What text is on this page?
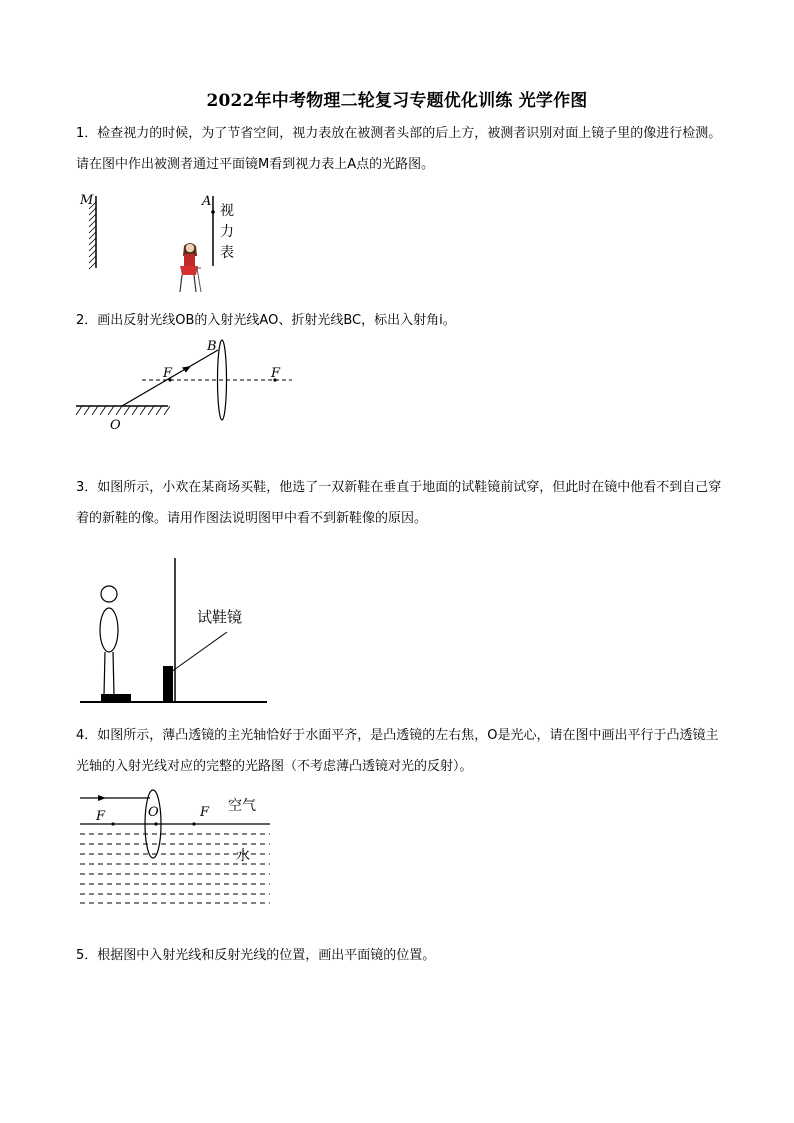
2022年中考物理二轮复习专题优化训练 光学作图
1．检查视力的时候，为了节省空间，视力表放在被测者头部的后上方，被测者识别对面上镜子里的像进行检测。请在图中作出被测者通过平面镜M看到视力表上A点的光路图。
M	A
视
力
表
2．画出反射光线OB的入射光线AO、折射光线BC，标出入射角i。
F	F
B
O
3．如图所示，小欢在某商场买鞋，他选了一双新鞋在垂直于地面的试鞋镜前试穿，但此时在镜中他看不到自己穿着的新鞋的像。请用作图法说明图甲中看不到新鞋像的原因。
试鞋镜
4．如图所示，薄凸透镜的主光轴恰好于水面平齐，是凸透镜的左右焦，O是光心，请在图中画出平行于凸透镜主光轴的入射光线对应的完整的光路图（不考虑薄凸透镜对光的反射）。
F	O	F 空气
水
5．根据图中入射光线和反射光线的位置，画出平面镜的位置。
